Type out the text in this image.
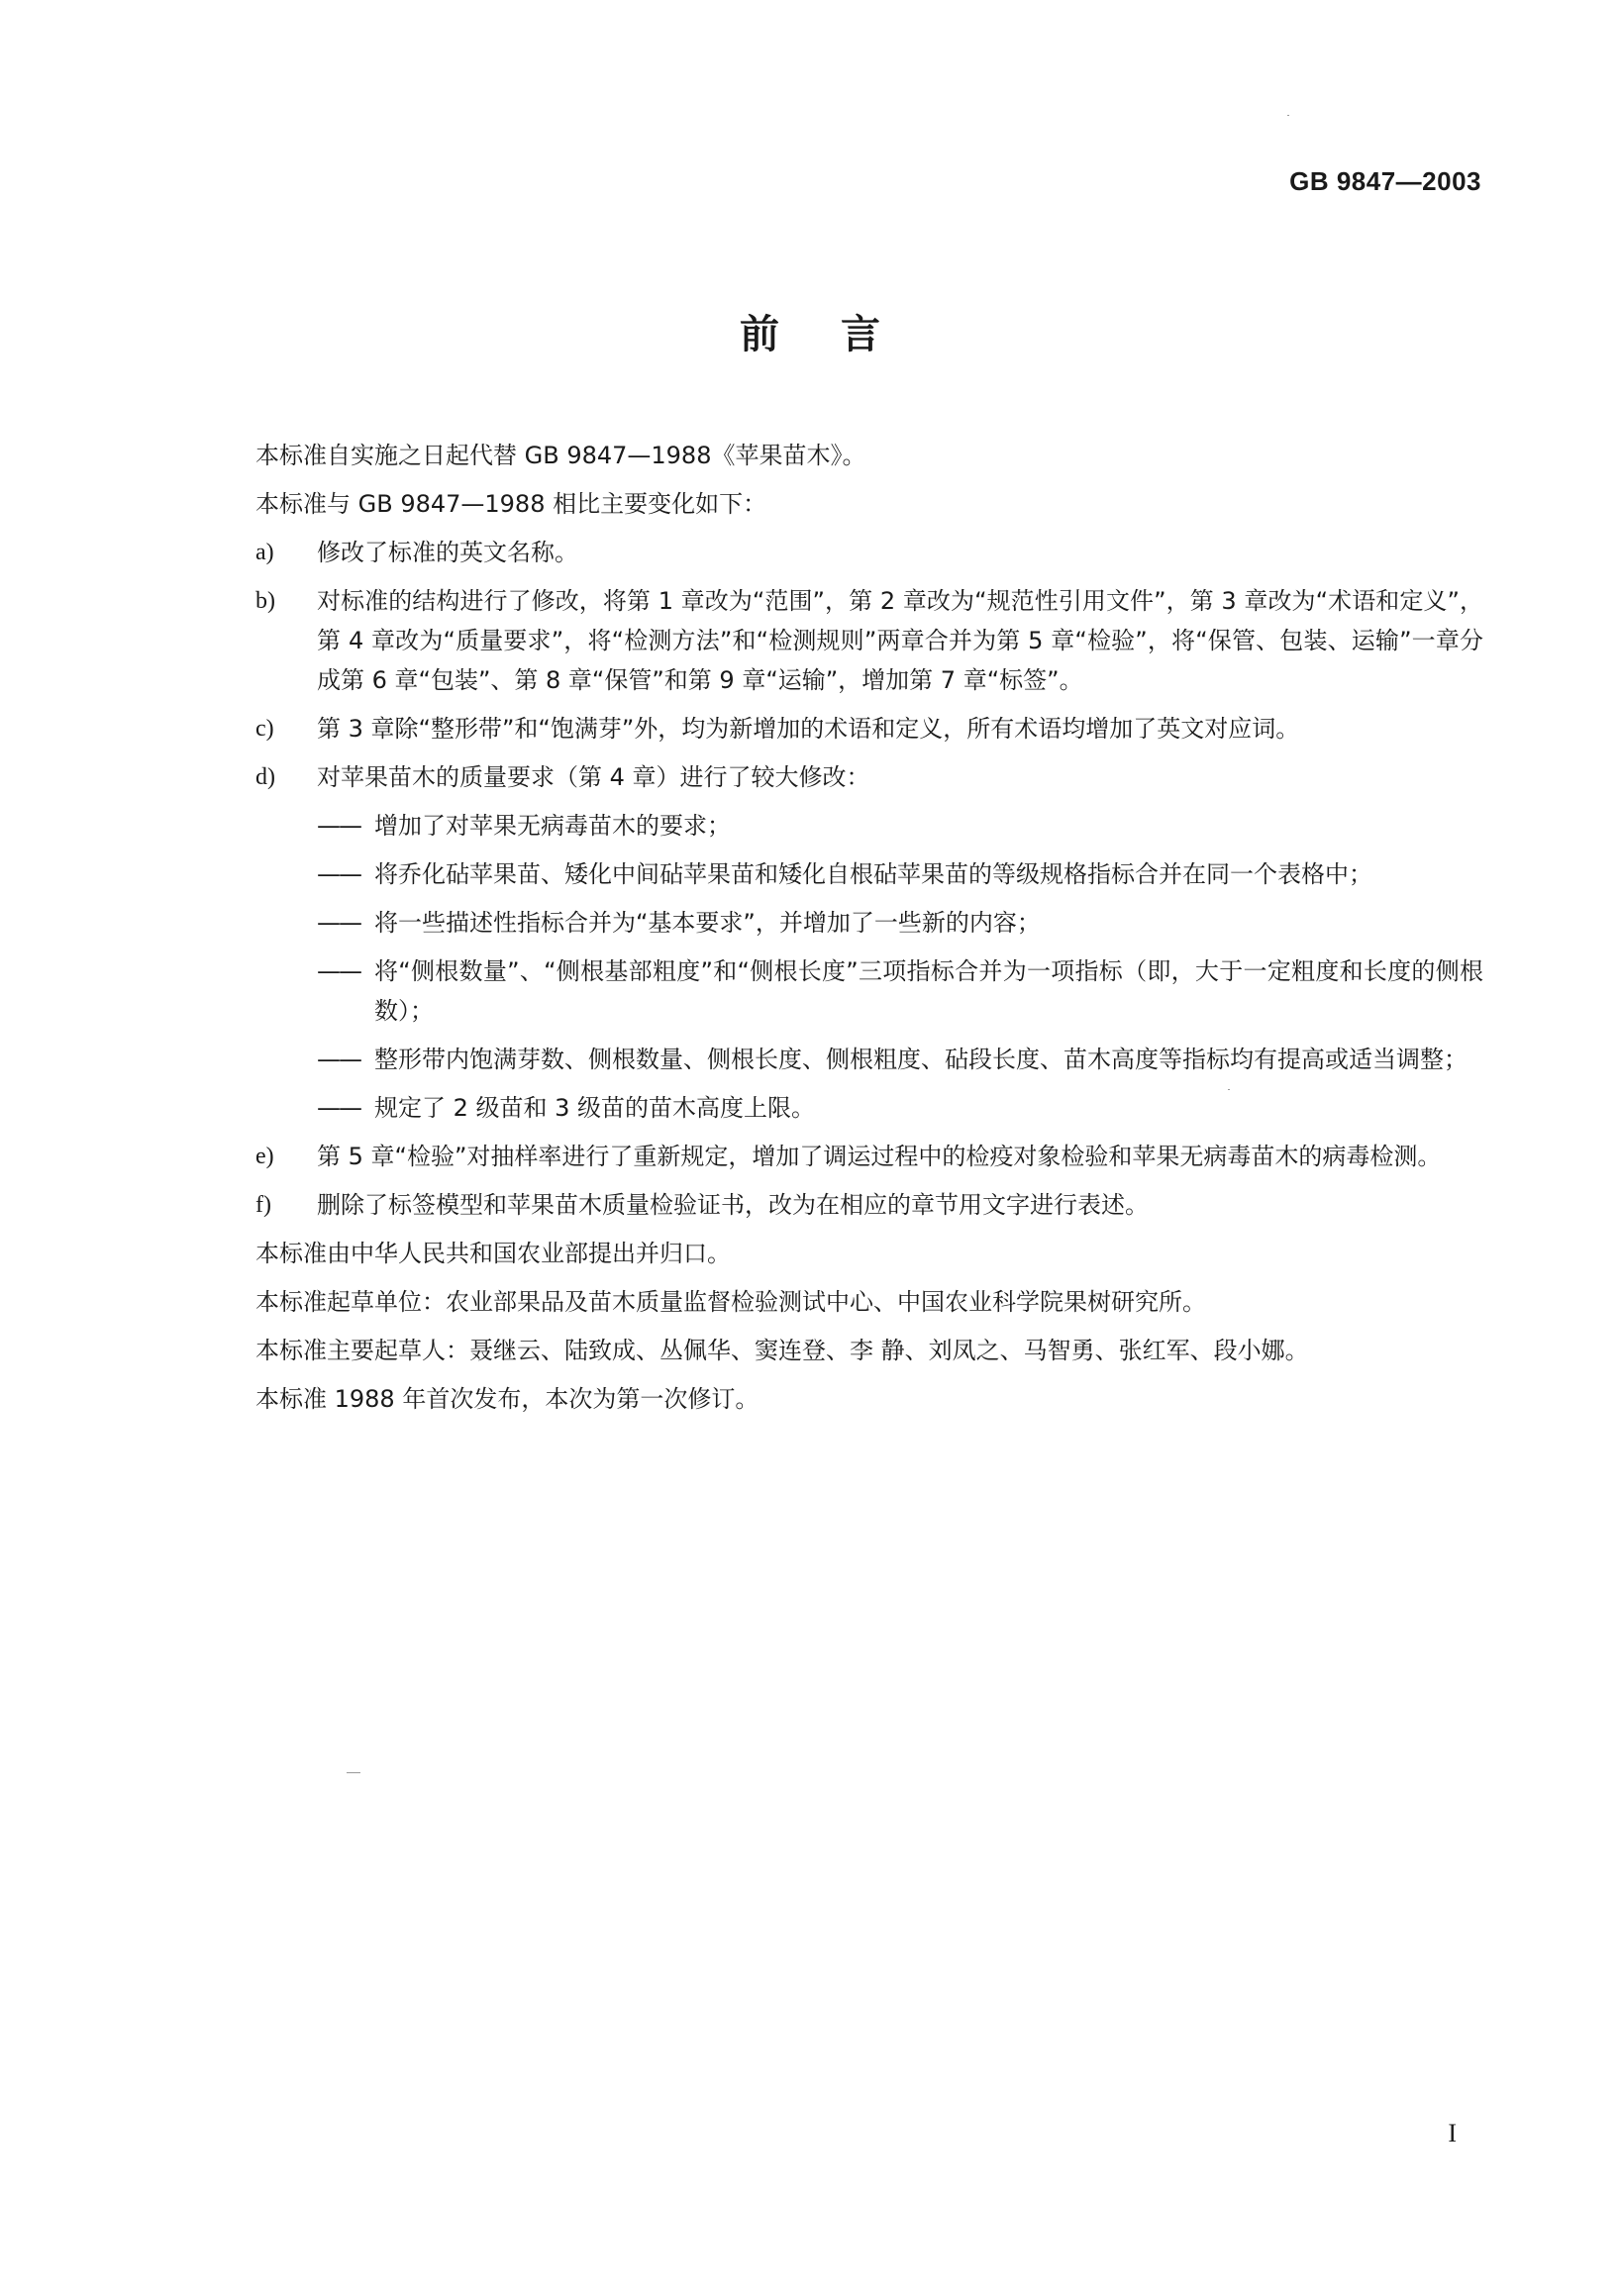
GB 9847—2003
前言

本标准自实施之日起代替 GB 9847—1988《苹果苗木》。

本标准与 GB 9847—1988 相比主要变化如下：

a)	修改了标准的英文名称。
b)	对标准的结构进行了修改，将第 1 章改为“范围”，第 2 章改为“规范性引用文件”，第 3 章改为“术语和定义”，第 4 章改为“质量要求”，将“检测方法”和“检测规则”两章合并为第 5 章“检验”，将“保管、包装、运输”一章分成第 6 章“包装”、第 8 章“保管”和第 9 章“运输”，增加第 7 章“标签”。
c)	第 3 章除“整形带”和“饱满芽”外，均为新增加的术语和定义，所有术语均增加了英文对应词。
d)	对苹果苗木的质量要求（第 4 章）进行了较大修改：
—— 增加了对苹果无病毒苗木的要求；
—— 将乔化砧苹果苗、矮化中间砧苹果苗和矮化自根砧苹果苗的等级规格指标合并在同一个表格中；
—— 将一些描述性指标合并为“基本要求”，并增加了一些新的内容；
—— 将“侧根数量”、“侧根基部粗度”和“侧根长度”三项指标合并为一项指标（即，大于一定粗度和长度的侧根数）；
—— 整形带内饱满芽数、侧根数量、侧根长度、侧根粗度、砧段长度、苗木高度等指标均有提高或适当调整；
—— 规定了 2 级苗和 3 级苗的苗木高度上限。
e)	第 5 章“检验”对抽样率进行了重新规定，增加了调运过程中的检疫对象检验和苹果无病毒苗木的病毒检测。
f)	删除了标签模型和苹果苗木质量检验证书，改为在相应的章节用文字进行表述。

本标准由中华人民共和国农业部提出并归口。

本标准起草单位：农业部果品及苗木质量监督检验测试中心、中国农业科学院果树研究所。

本标准主要起草人：聂继云、陆致成、丛佩华、窦连登、李 静、刘凤之、马智勇、张红军、段小娜。

本标准 1988 年首次发布，本次为第一次修订。

I
